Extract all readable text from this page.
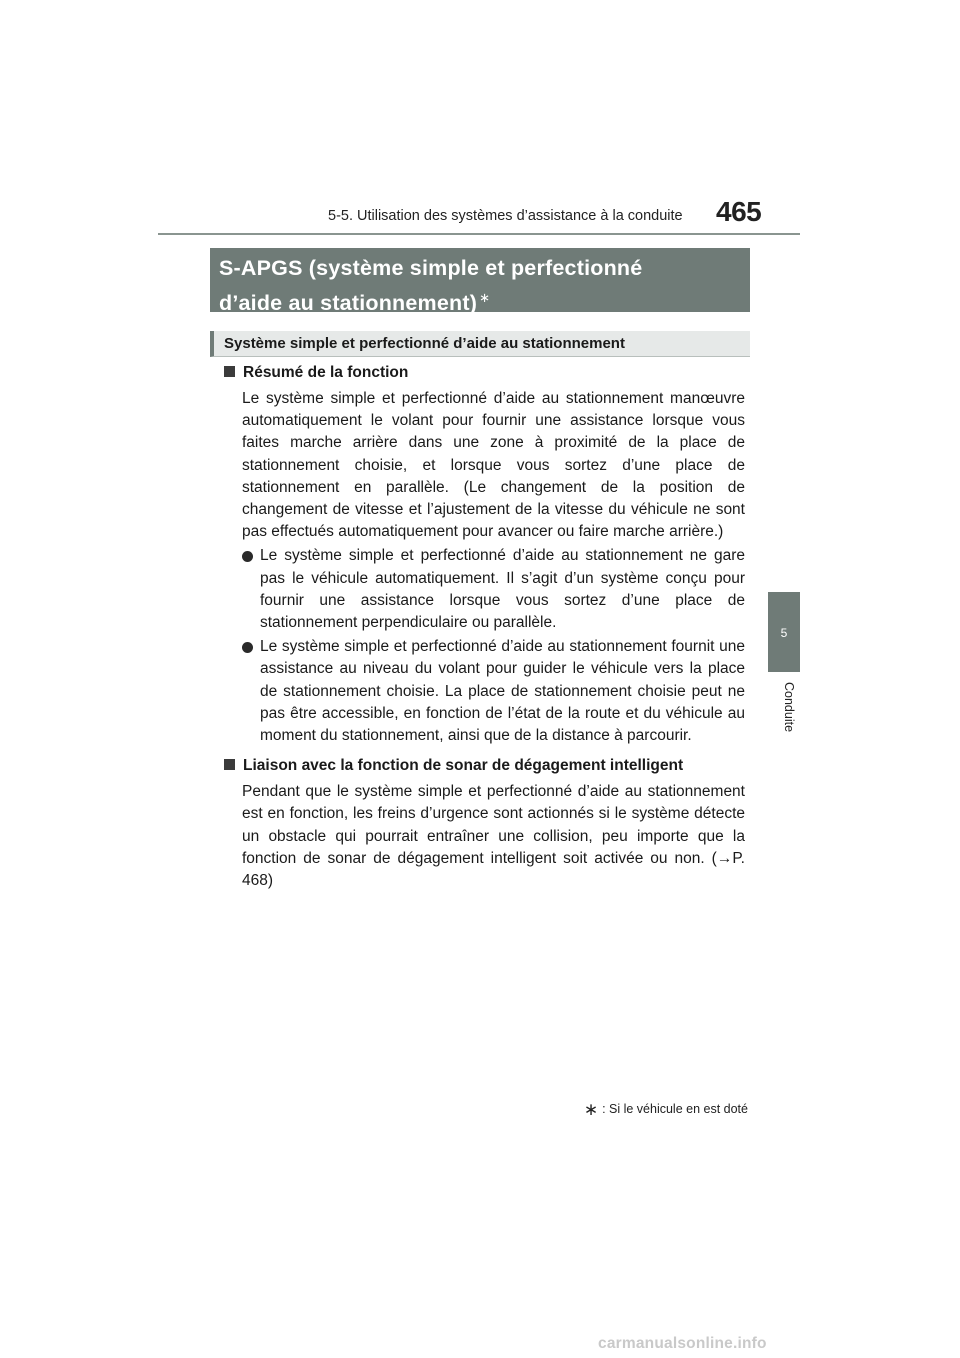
5-5. Utilisation des systèmes d’assistance à la conduite 465
S-APGS (système simple et perfectionné
d’aide au stationnement) ∗
Système simple et perfectionné d’aide au stationnement
Résumé de la fonction

Le système simple et perfectionné d’aide au stationnement manœuvre automatiquement le volant pour fournir une assistance lorsque vous faites marche arrière dans une zone à proximité de la place de stationnement choisie, et lorsque vous sortez d’une place de stationnement en parallèle. (Le changement de la position de changement de vitesse et l’ajustement de la vitesse du véhicule ne sont pas effectués automatiquement pour avancer ou faire marche arrière.)

Le système simple et perfectionné d’aide au stationnement ne gare pas le véhicule automatiquement. Il s’agit d’un système conçu pour fournir une assistance lorsque vous sortez d’une place de stationnement perpendiculaire ou parallèle.
Le système simple et perfectionné d’aide au stationnement fournit une assistance au niveau du volant pour guider le véhicule vers la place de stationnement choisie. La place de stationnement choisie peut ne pas être accessible, en fonction de l’état de la route et du véhicule au moment du stationnement, ainsi que de la distance à parcourir.
Liaison avec la fonction de sonar de dégagement intelligent

Pendant que le système simple et perfectionné d’aide au stationnement est en fonction, les freins d’urgence sont actionnés si le système détecte un obstacle qui pourrait entraîner une collision, peu importe que la fonction de sonar de dégagement intelligent soit activée ou non. (→P. 468)

5
Conduite
∗ : Si le véhicule en est doté
carmanualsonline.info
